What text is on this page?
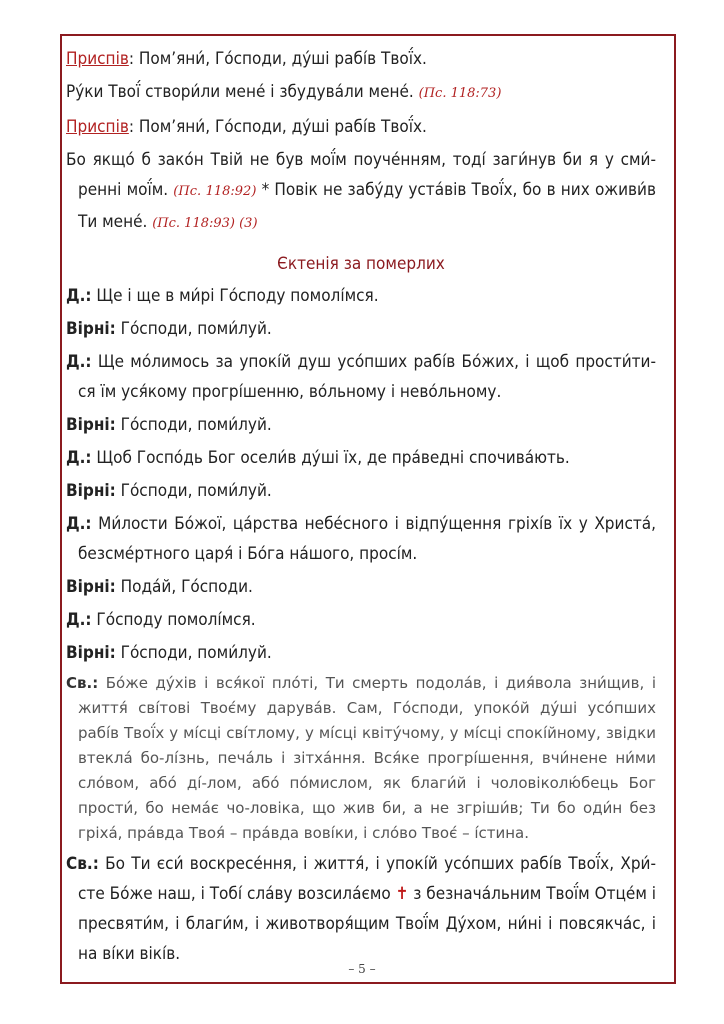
Приспів: Пом’яни́, Го́споди, ду́ші рабі́в Твої́х.

Ру́ки Твої́ створи́ли мене́ і збудува́ли мене́. (Пс. 118:73)

Приспів: Пом’яни́, Го́споди, ду́ші рабі́в Твої́х.

Бо якщо́ б зако́н Твій не був мої́м поуче́нням, тоді́ заги́нув би я у сми́-ренні мої́м. (Пс. 118:92) * Повік не забу́ду уста́вів Твої́х, бо в них оживи́в Ти мене́. (Пс. 118:93) (3)

Єктенія за померлих

Д.: Ще і ще в ми́рі Го́споду помолі́мся.

Вірні: Го́споди, поми́луй.

Д.: Ще мо́лимось за упокі́й душ усо́пших рабі́в Бо́жих, і щоб прости́ти-ся їм уся́кому прогрі́шенню, во́льному і нево́льному.

Вірні: Го́споди, поми́луй.

Д.: Щоб Госпо́дь Бог осели́в ду́ші їх, де пра́ведні спочива́ють.

Вірні: Го́споди, поми́луй.

Д.: Ми́лости Бо́жої, ца́рства небе́сного і відпу́щення гріхі́в їх у Христа́, безсме́ртного царя́ і Бо́га на́шого, просі́м.

Вірні: Пода́й, Го́споди.

Д.: Го́споду помолі́мся.

Вірні: Го́споди, поми́луй.

Св.: Бо́же ду́хів і вся́кої пло́ті, Ти смерть подола́в, і дия́вола зни́щив, і життя́ сві́тові Твоє́му дарува́в. Сам, Го́споди, упоко́й ду́ші усо́пших рабі́в Твої́х у мі́сці сві́тлому, у мі́сці квіту́чому, у мі́сці спокі́йному, звідки втекла́ бо-лі́знь, печа́ль і зітха́ння. Вся́ке прогрі́шення, вчи́нене ни́ми сло́вом, або́ ді́-лом, або́ по́мислом, як благи́й і чоловіколю́бець Бог прости́, бо нема́є чо-ловіка, що жив би, а не згріши́в; Ти бо оди́н без гріха́, пра́вда Твоя́ – пра́вда вові́ки, і сло́во Твоє́ – і́стина.

Св.: Бо Ти єси́ воскресе́ння, і життя́, і упокі́й усо́пших рабі́в Твої́х, Хри́-сте Бо́же наш, і Тобі́ сла́ву возсила́ємо ✝ з безнача́льним Твої́м Отце́м і пресвяти́м, і благи́м, і животворя́щим Твої́м Ду́хом, ни́ні і повсякча́с, і на ві́ки вікі́в.

– 5 –
